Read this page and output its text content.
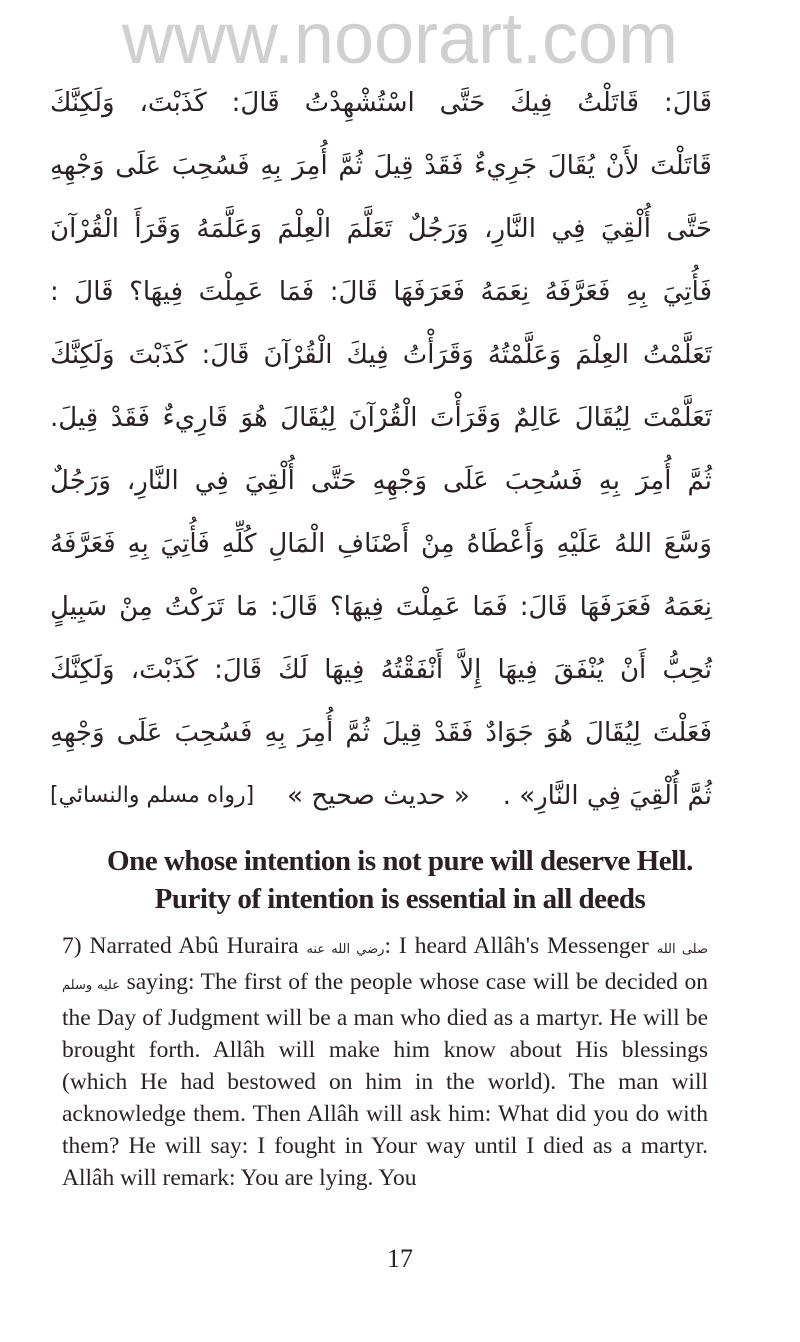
www.noorart.com
قَالَ: قَاتَلْتُ فِيكَ حَتَّى اسْتُشْهِدْتُ قَالَ: كَذَبْتَ، وَلَكِنَّكَ
قَاتَلْتَ لأَنْ يُقَالَ جَرِيءٌ فَقَدْ قِيلَ ثُمَّ أُمِرَ بِهِ فَسُحِبَ عَلَى وَجْهِهِ
حَتَّى أُلْقِيَ فِي النَّارِ، وَرَجُلٌ تَعَلَّمَ الْعِلْمَ وَعَلَّمَهُ وَقَرَأَ الْقُرْآنَ
فَأُتِيَ بِهِ فَعَرَّفَهُ نِعَمَهُ فَعَرَفَهَا قَالَ: فَمَا عَمِلْتَ فِيهَا؟ قَالَ :
تَعَلَّمْتُ العِلْمَ وَعَلَّمْتُهُ وَقَرَأْتُ فِيكَ الْقُرْآنَ قَالَ: كَذَبْتَ وَلَكِنَّكَ
تَعَلَّمْتَ لِيُقَالَ عَالِمٌ وَقَرَأْتَ الْقُرْآنَ لِيُقَالَ هُوَ قَارِيءٌ فَقَدْ قِيلَ.
ثُمَّ أُمِرَ بِهِ فَسُحِبَ عَلَى وَجْهِهِ حَتَّى أُلْقِيَ فِي النَّارِ، وَرَجُلٌ
وَسَّعَ اللهُ عَلَيْهِ وَأَعْطَاهُ مِنْ أَصْنَافِ الْمَالِ كُلِّهِ فَأُتِيَ بِهِ فَعَرَّفَهُ
نِعَمَهُ فَعَرَفَهَا قَالَ: فَمَا عَمِلْتَ فِيهَا؟ قَالَ: مَا تَرَكْتُ مِنْ سَبِيلٍ
تُحِبُّ أَنْ يُنْفَقَ فِيهَا إِلاَّ أَنْفَقْتُهُ فِيهَا لَكَ قَالَ: كَذَبْتَ، وَلَكِنَّكَ
فَعَلْتَ لِيُقَالَ هُوَ جَوَادٌ فَقَدْ قِيلَ ثُمَّ أُمِرَ بِهِ فَسُحِبَ عَلَى وَجْهِهِ
ثُمَّ أُلْقِيَ فِي النَّارِ» .
« حديث صحيح »
[رواه مسلم والنسائي]
One whose intention is not pure will deserve Hell.
Purity of intention is essential in all deeds
7) Narrated Abû Huraira رضي الله عنه: I heard Allâh's Messenger صلى الله عليه وسلم saying: The first of the people whose case will be decided on the Day of Judgment will be a man who died as a martyr. He will be brought forth. Allâh will make him know about His blessings (which He had bestowed on him in the world). The man will acknowledge them. Then Allâh will ask him: What did you do with them? He will say: I fought in Your way until I died as a martyr. Allâh will remark: You are lying. You
17
